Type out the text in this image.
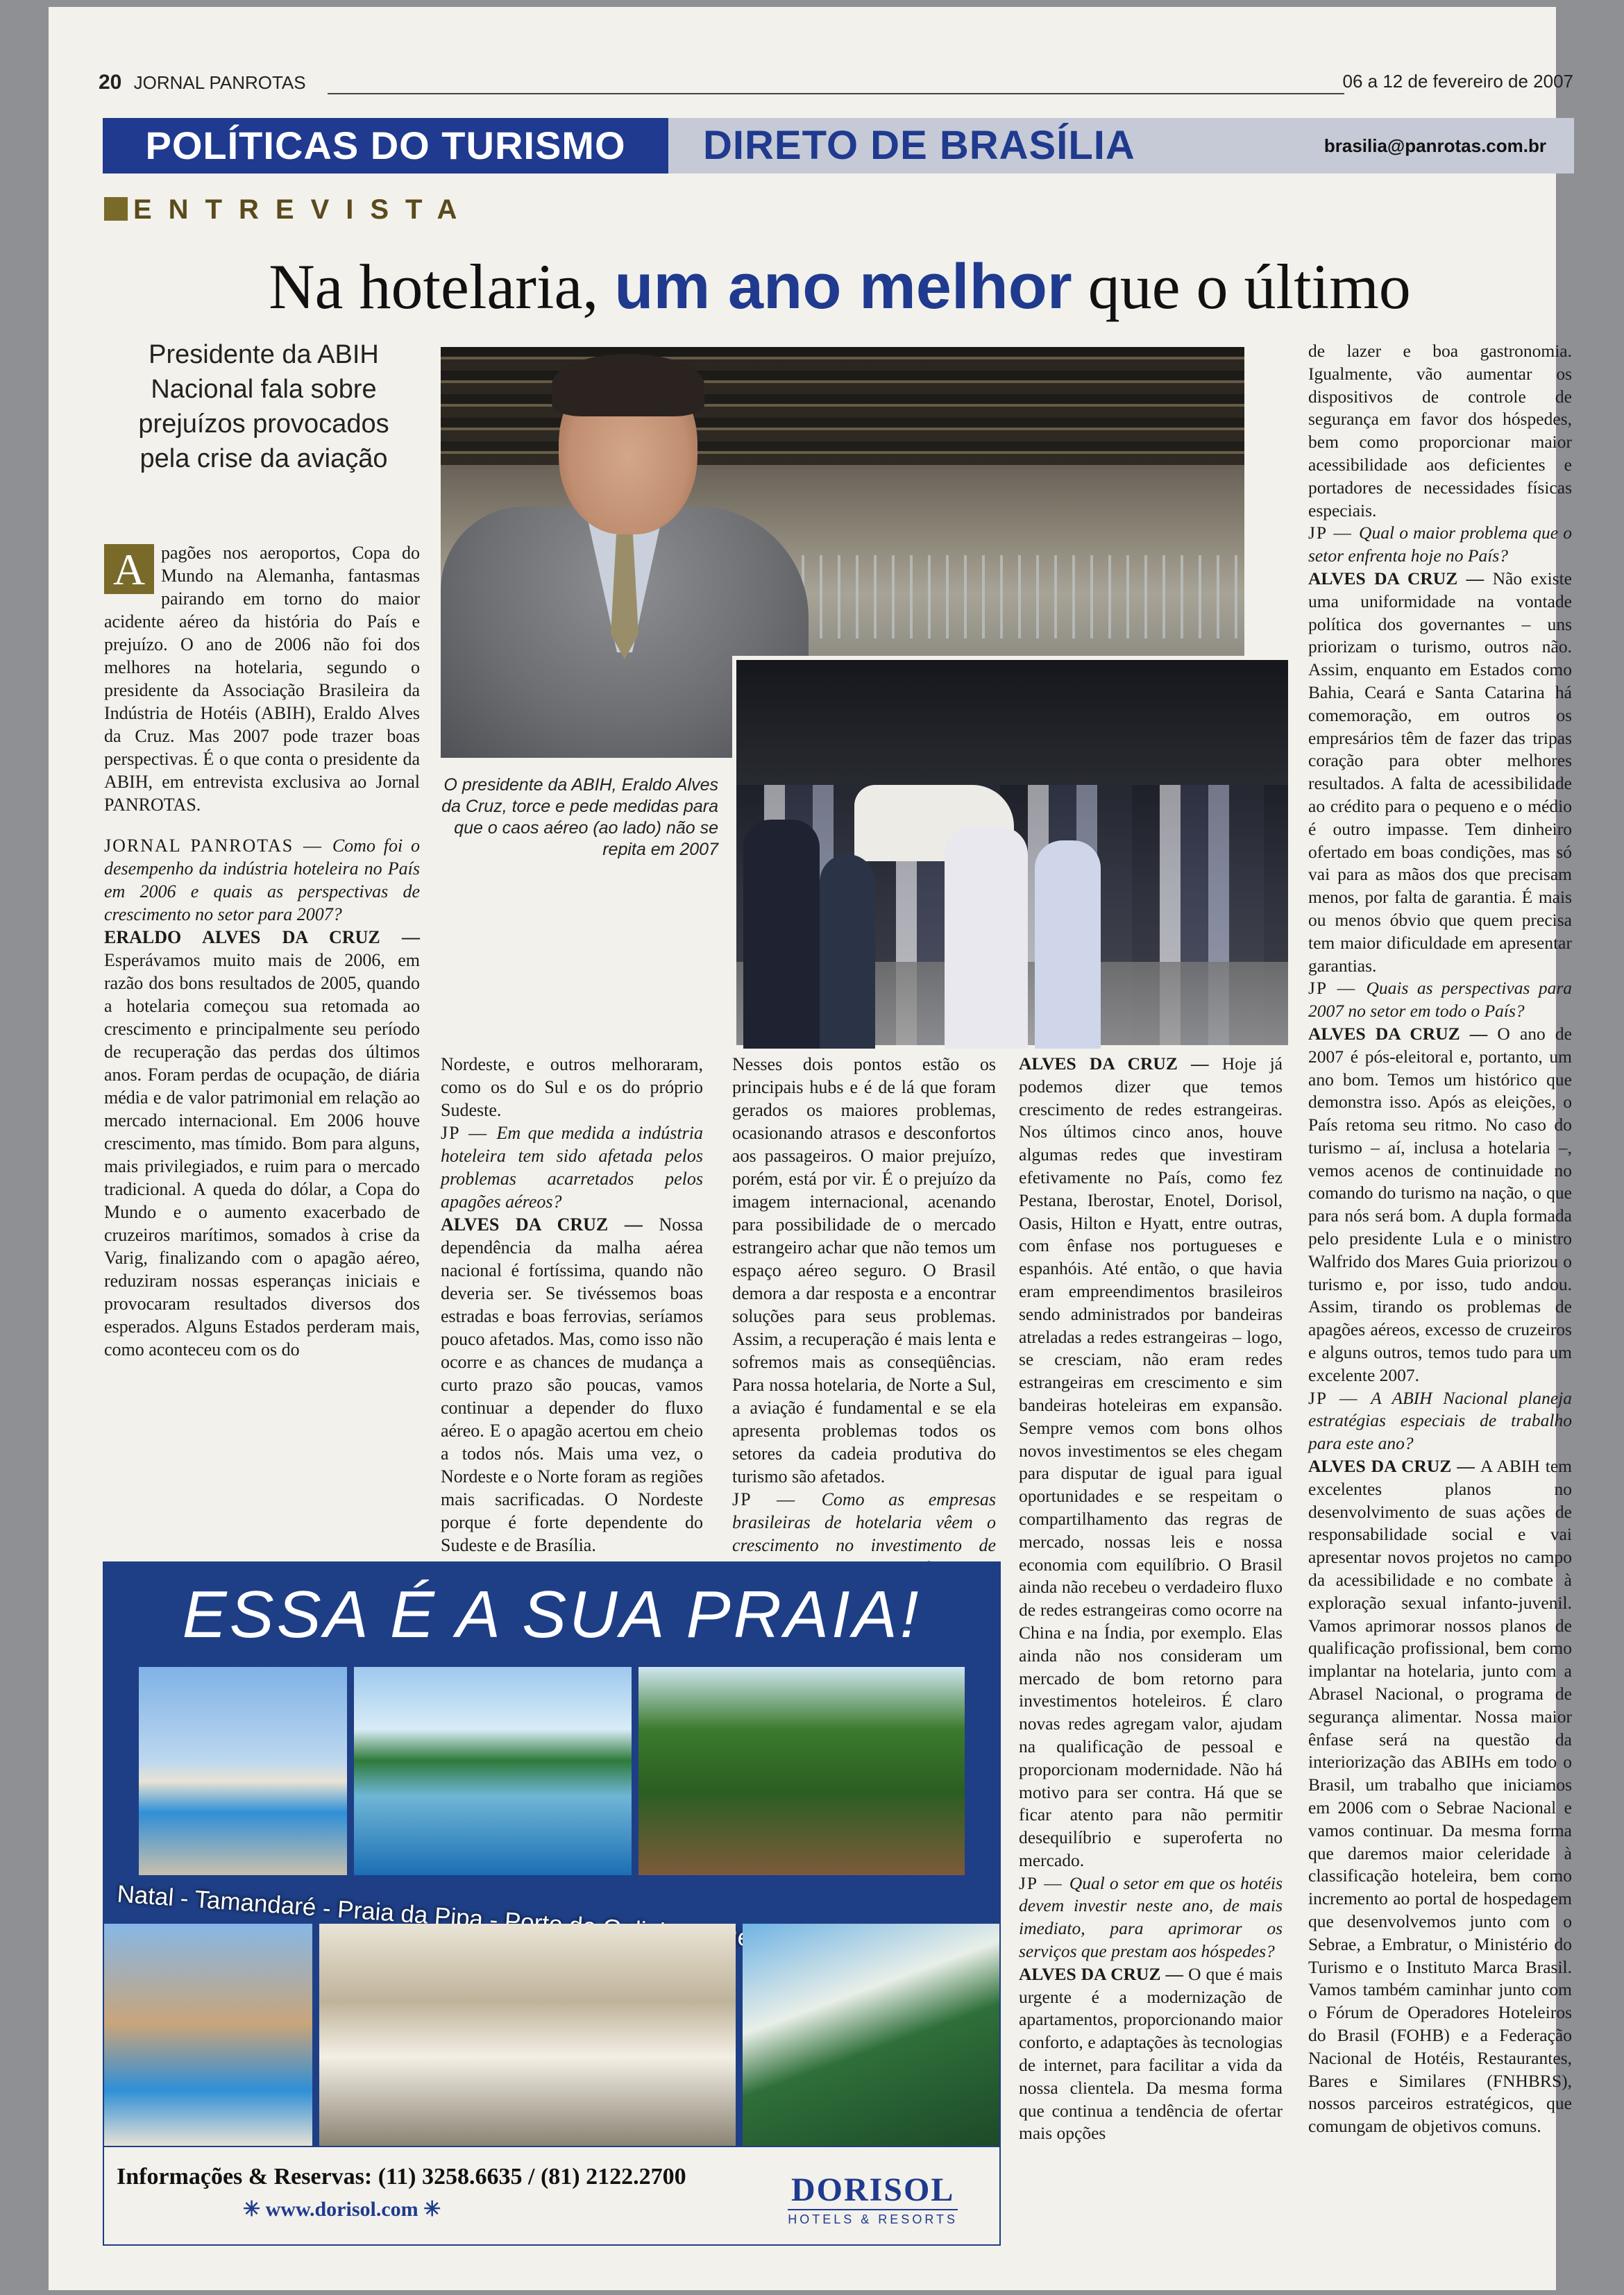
20 JORNAL PANROTAS	06 a 12 de fevereiro de 2007
POLÍTICAS DO TURISMO	DIRETO DE BRASÍLIA	brasilia@panrotas.com.br
ENTREVISTA
Na hotelaria, um ano melhor que o último
Presidente da ABIH Nacional fala sobre prejuízos provocados pela crise da aviação

A pagões nos aeroportos, Copa do Mundo na Alemanha, fantasmas pairando em torno do maior acidente aéreo da história do País e prejuízo. O ano de 2006 não foi dos melhores na hotelaria, segundo o presidente da Associação Brasileira da Indústria de Hotéis (ABIH), Eraldo Alves da Cruz. Mas 2007 pode trazer boas perspectivas. É o que conta o presidente da ABIH, em entrevista exclusiva ao Jornal PANROTAS.

JORNAL PANROTAS — Como foi o desempenho da indústria hoteleira no País em 2006 e quais as perspectivas de crescimento no setor para 2007?

ERALDO ALVES DA CRUZ — Esperávamos muito mais de 2006, em razão dos bons resultados de 2005, quando a hotelaria começou sua retomada ao crescimento e principalmente seu período de recuperação das perdas dos últimos anos. Foram perdas de ocupação, de diária média e de valor patrimonial em relação ao mercado internacional. Em 2006 houve crescimento, mas tímido. Bom para alguns, mais privilegiados, e ruim para o mercado tradicional. A queda do dólar, a Copa do Mundo e o aumento exacerbado de cruzeiros marítimos, somados à crise da Varig, finalizando com o apagão aéreo, reduziram nossas esperanças iniciais e provocaram resultados diversos dos esperados. Alguns Estados perderam mais, como aconteceu com os do

O presidente da ABIH, Eraldo Alves da Cruz, torce e pede medidas para que o caos aéreo (ao lado) não se repita em 2007

Nordeste, e outros melhoraram, como os do Sul e os do próprio Sudeste.

JP — Em que medida a indústria hoteleira tem sido afetada pelos problemas acarretados pelos apagões aéreos?

ALVES DA CRUZ — Nossa dependência da malha aérea nacional é fortíssima, quando não deveria ser. Se tivéssemos boas estradas e boas ferrovias, seríamos pouco afetados. Mas, como isso não ocorre e as chances de mudança a curto prazo são poucas, vamos continuar a depender do fluxo aéreo. E o apagão acertou em cheio a todos nós. Mais uma vez, o Nordeste e o Norte foram as regiões mais sacrificadas. O Nordeste porque é forte dependente do Sudeste e de Brasília.

Nesses dois pontos estão os principais hubs e é de lá que foram gerados os maiores problemas, ocasionando atrasos e desconfortos aos passageiros. O maior prejuízo, porém, está por vir. É o prejuízo da imagem internacional, acenando para possibilidade de o mercado estrangeiro achar que não temos um espaço aéreo seguro. O Brasil demora a dar resposta e a encontrar soluções para seus problemas. Assim, a recuperação é mais lenta e sofremos mais as conseqüências. Para nossa hotelaria, de Norte a Sul, a aviação é fundamental e se ela apresenta problemas todos os setores da cadeia produtiva do turismo são afetados.

JP — Como as empresas brasileiras de hotelaria vêem o crescimento no investimento de

ALVES DA CRUZ — Hoje já podemos dizer que temos crescimento de redes estrangeiras. Nos últimos cinco anos, houve algumas redes que investiram efetivamente no País, como fez Pestana, Iberostar, Enotel, Dorisol, Oasis, Hilton e Hyatt, entre outras, com ênfase nos portugueses e espanhóis. Até então, o que havia eram empreendimentos brasileiros sendo administrados por bandeiras atreladas a redes estrangeiras – logo, se cresciam, não eram redes estrangeiras em crescimento e sim bandeiras hoteleiras em expansão. Sempre vemos com bons olhos novos investimentos se eles chegam para disputar de igual para igual oportunidades e se respeitam o compartilhamento das regras de mercado, nossas leis e nossa economia com equilíbrio. O Brasil ainda não recebeu o verdadeiro fluxo de redes estrangeiras como ocorre na China e na Índia, por exemplo. Elas ainda não nos consideram um mercado de bom retorno para investimentos hoteleiros. É claro novas redes agregam valor, ajudam na qualificação de pessoal e proporcionam modernidade. Não há motivo para ser contra. Há que se ficar atento para não permitir desequilíbrio e superoferta no mercado.

JP — Qual o setor em que os hotéis devem investir neste ano, de mais imediato, para aprimorar os serviços que prestam aos hóspedes?

ALVES DA CRUZ — O que é mais urgente é a modernização de apartamentos, proporcionando maior conforto, e adaptações às tecnologias de internet, para facilitar a vida da nossa clientela. Da mesma forma que continua a tendência de ofertar mais opções

de lazer e boa gastronomia. Igualmente, vão aumentar os dispositivos de controle de segurança em favor dos hóspedes, bem como proporcionar maior acessibilidade aos deficientes e portadores de necessidades físicas especiais.

JP — Qual o maior problema que o setor enfrenta hoje no País?

ALVES DA CRUZ — Não existe uma uniformidade na vontade política dos governantes – uns priorizam o turismo, outros não. Assim, enquanto em Estados como Bahia, Ceará e Santa Catarina há comemoração, em outros os empresários têm de fazer das tripas coração para obter melhores resultados. A falta de acessibilidade ao crédito para o pequeno e o médio é outro impasse. Tem dinheiro ofertado em boas condições, mas só vai para as mãos dos que precisam menos, por falta de garantia. É mais ou menos óbvio que quem precisa tem maior dificuldade em apresentar garantias.

JP — Quais as perspectivas para 2007 no setor em todo o País?

ALVES DA CRUZ — O ano de 2007 é pós-eleitoral e, portanto, um ano bom. Temos um histórico que demonstra isso. Após as eleições, o País retoma seu ritmo. No caso do turismo – aí, inclusa a hotelaria –, vemos acenos de continuidade no comando do turismo na nação, o que para nós será bom. A dupla formada pelo presidente Lula e o ministro Walfrido dos Mares Guia priorizou o turismo e, por isso, tudo andou. Assim, tirando os problemas de apagões aéreos, excesso de cruzeiros e alguns outros, temos tudo para um excelente 2007.

JP — A ABIH Nacional planeja estratégias especiais de trabalho para este ano?

ALVES DA CRUZ — A ABIH tem excelentes planos no desenvolvimento de suas ações de responsabilidade social e vai apresentar novos projetos no campo da acessibilidade e no combate à exploração sexual infanto-juvenil. Vamos aprimorar nossos planos de qualificação profissional, bem como implantar na hotelaria, junto com a Abrasel Nacional, o programa de segurança alimentar. Nossa maior ênfase será na questão da interiorização das ABIHs em todo o Brasil, um trabalho que iniciamos em 2006 com o Sebrae Nacional e vamos continuar. Da mesma forma que daremos maior celeridade à classificação hoteleira, bem como incremento ao portal de hospedagem que desenvolvemos junto com o Sebrae, a Embratur, o Ministério do Turismo e o Instituto Marca Brasil. Vamos também caminhar junto com o Fórum de Operadores Hoteleiros do Brasil (FOHB) e a Federação Nacional de Hotéis, Restaurantes, Bares e Similares (FNHBRS), nossos parceiros estratégicos, que comungam de objetivos comuns.

ESSA É A SUA PRAIA!
Natal - Tamandaré - Praia da Pipa - Porto
Informações & Reservas: (11) 3258.6635 / (81) 2122.2700
✳ www.dorisol.com ✳
DORISOL
HOTELS & RESORTS
